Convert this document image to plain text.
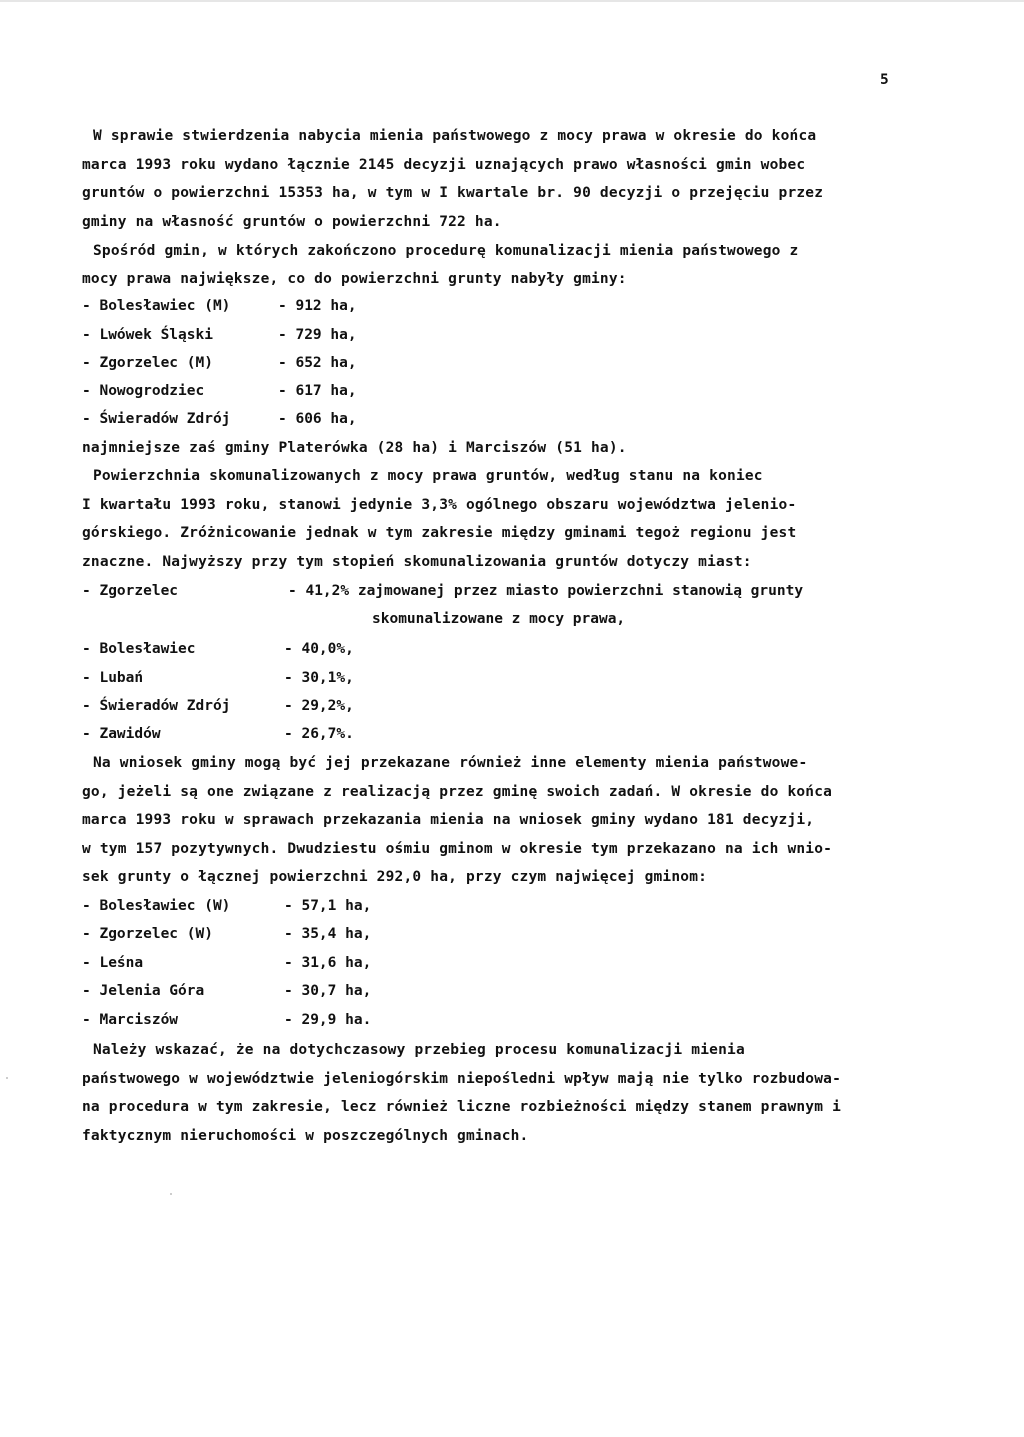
5
W sprawie stwierdzenia nabycia mienia państwowego z mocy prawa w okresie do końca
marca 1993 roku wydano łącznie 2145 decyzji uznających prawo własności gmin wobec
gruntów o powierzchni 15353 ha, w tym w I kwartale br. 90 decyzji o przejęciu przez
gminy na własność gruntów o powierzchni 722 ha.
Spośród gmin, w których zakończono procedurę komunalizacji mienia państwowego z
mocy prawa największe, co do powierzchni grunty nabyły gminy:
- Bolesławiec (M)	- 912 ha,
- Lwówek Śląski	- 729 ha,
- Zgorzelec (M)	- 652 ha,
- Nowogrodziec	- 617 ha,
- Świeradów Zdrój	- 606 ha,
najmniejsze zaś gminy Platerówka (28 ha) i Marciszów (51 ha).
Powierzchnia skomunalizowanych z mocy prawa gruntów, według stanu na koniec
I kwartału 1993 roku, stanowi jedynie 3,3% ogólnego obszaru województwa jelenio-
górskiego. Zróżnicowanie jednak w tym zakresie między gminami tegoż regionu jest
znaczne. Najwyższy przy tym stopień skomunalizowania gruntów dotyczy miast:
- Zgorzelec	- 41,2% zajmowanej przez miasto powierzchni stanowią grunty
skomunalizowane z mocy prawa,
- Bolesławiec	- 40,0%,
- Lubań	- 30,1%,
- Świeradów Zdrój	- 29,2%,
- Zawidów	- 26,7%.
Na wniosek gminy mogą być jej przekazane również inne elementy mienia państwowe-
go, jeżeli są one związane z realizacją przez gminę swoich zadań. W okresie do końca
marca 1993 roku w sprawach przekazania mienia na wniosek gminy wydano 181 decyzji,
w tym 157 pozytywnych. Dwudziestu ośmiu gminom w okresie tym przekazano na ich wnio-
sek grunty o łącznej powierzchni 292,0 ha, przy czym najwięcej gminom:
- Bolesławiec (W)	- 57,1 ha,
- Zgorzelec (W)	- 35,4 ha,
- Leśna	- 31,6 ha,
- Jelenia Góra	- 30,7 ha,
- Marciszów	- 29,9 ha.
Należy wskazać, że na dotychczasowy przebieg procesu komunalizacji mienia
państwowego w województwie jeleniogórskim niepośledni wpływ mają nie tylko rozbudowa-
na procedura w tym zakresie, lecz również liczne rozbieżności między stanem prawnym i
faktycznym nieruchomości w poszczególnych gminach.
